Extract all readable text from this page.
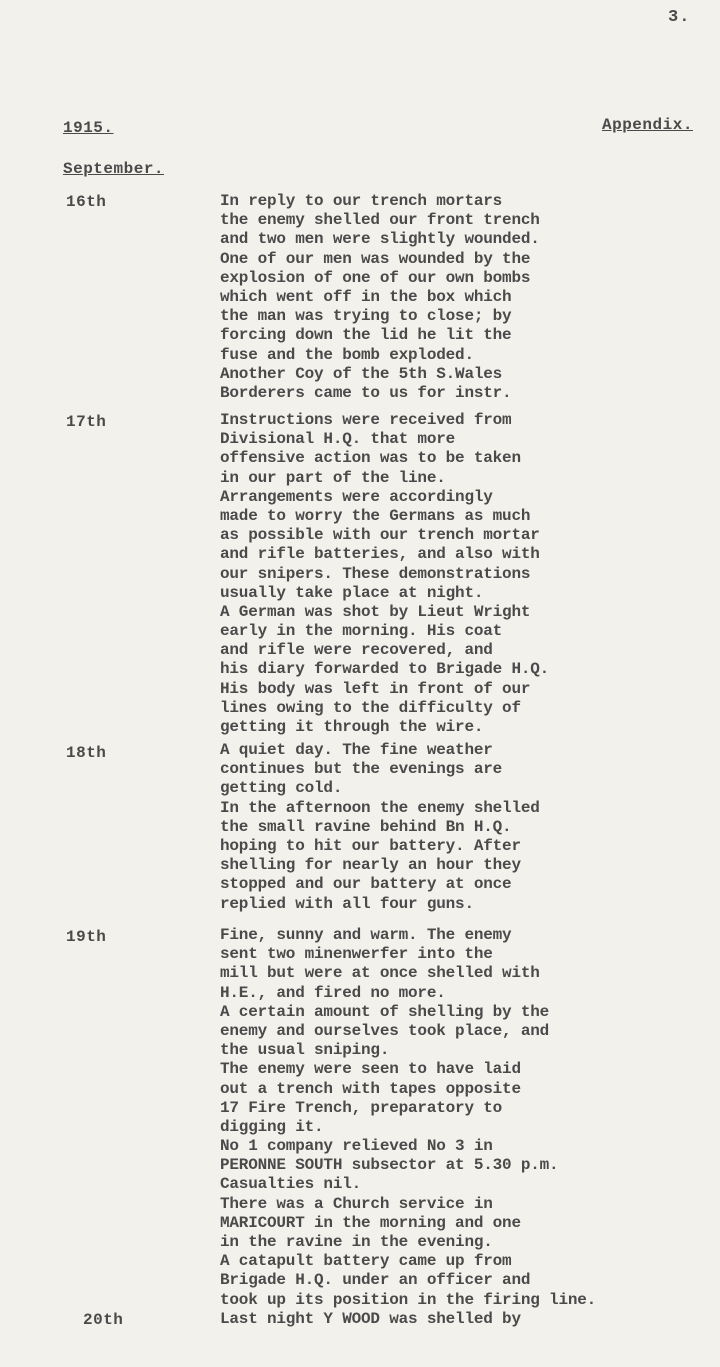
3.
1915.	Appendix.
September.
16th	In reply to our trench mortars
the enemy shelled our front trench
and two men were slightly wounded.
One of our men was wounded by the
explosion of one of our own bombs
which went off in the box which
the man was trying to close; by
forcing down the lid he lit the
fuse and the bomb exploded.
Another Coy of the 5th S.Wales
Borderers came to us for instr.
17th	Instructions were received from
Divisional H.Q. that more
offensive action was to be taken
in our part of the line.
Arrangements were accordingly
made to worry the Germans as much
as possible with our trench mortar
and rifle batteries, and also with
our snipers. These demonstrations
usually take place at night.
A German was shot by Lieut Wright
early in the morning. His coat
and rifle were recovered, and
his diary forwarded to Brigade H.Q.
His body was left in front of our
lines owing to the difficulty of
getting it through the wire.
18th	A quiet day. The fine weather
continues but the evenings are
getting cold.
In the afternoon the enemy shelled
the small ravine behind Bn H.Q.
hoping to hit our battery. After
shelling for nearly an hour they
stopped and our battery at once
replied with all four guns.
19th	Fine, sunny and warm. The enemy
sent two minenwerfer into the
mill but were at once shelled with
H.E., and fired no more.
A certain amount of shelling by the
enemy and ourselves took place, and
the usual sniping.
The enemy were seen to have laid
out a trench with tapes opposite
17 Fire Trench, preparatory to
digging it.
No 1 company relieved No 3 in
PERONNE SOUTH subsector at 5.30 p.m.
Casualties nil.
There was a Church service in
MARICOURT in the morning and one
in the ravine in the evening.
A catapult battery came up from
Brigade H.Q. under an officer and
took up its position in the firing line.
20th	Last night Y WOOD was shelled by
